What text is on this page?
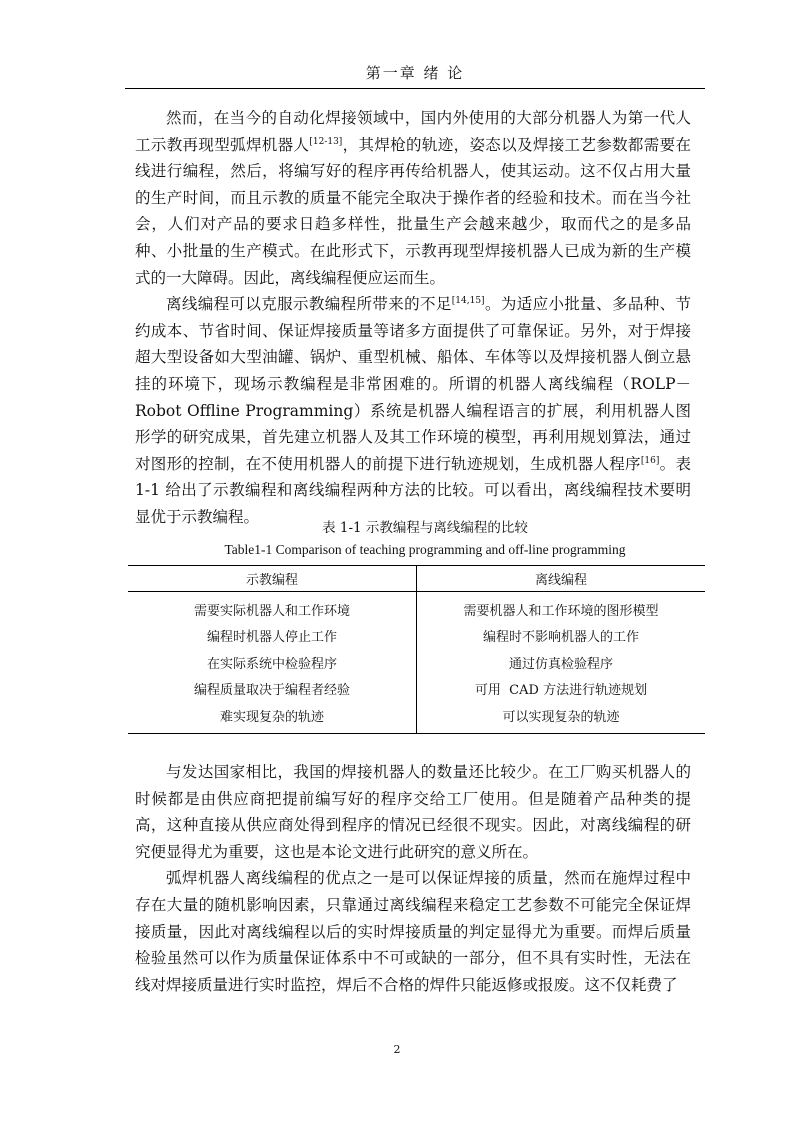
第一章 绪 论

然而，在当今的自动化焊接领域中，国内外使用的大部分机器人为第一代人工示教再现型弧焊机器人[12-13]，其焊枪的轨迹，姿态以及焊接工艺参数都需要在线进行编程，然后，将编写好的程序再传给机器人，使其运动。这不仅占用大量的生产时间，而且示教的质量不能完全取决于操作者的经验和技术。而在当今社会，人们对产品的要求日趋多样性，批量生产会越来越少，取而代之的是多品种、小批量的生产模式。在此形式下，示教再现型焊接机器人已成为新的生产模式的一大障碍。因此，离线编程便应运而生。

离线编程可以克服示教编程所带来的不足[14,15]。为适应小批量、多品种、节约成本、节省时间、保证焊接质量等诸多方面提供了可靠保证。另外，对于焊接超大型设备如大型油罐、锅炉、重型机械、船体、车体等以及焊接机器人倒立悬挂的环境下，现场示教编程是非常困难的。所谓的机器人离线编程（ROLP－Robot Offline Programming）系统是机器人编程语言的扩展，利用机器人图形学的研究成果，首先建立机器人及其工作环境的模型，再利用规划算法，通过对图形的控制，在不使用机器人的前提下进行轨迹规划，生成机器人程序[16]。表 1-1 给出了示教编程和离线编程两种方法的比较。可以看出，离线编程技术要明显优于示教编程。

表 1-1 示教编程与离线编程的比较
Table1-1 Comparison of teaching programming and off-line programming
示教编程	离线编程
需要实际机器人和工作环境	需要机器人和工作环境的图形模型
编程时机器人停止工作	编程时不影响机器人的工作
在实际系统中检验程序	通过仿真检验程序
编程质量取决于编程者经验	可用  CAD 方法进行轨迹规划
难实现复杂的轨迹	可以实现复杂的轨迹

与发达国家相比，我国的焊接机器人的数量还比较少。在工厂购买机器人的时候都是由供应商把提前编写好的程序交给工厂使用。但是随着产品种类的提高，这种直接从供应商处得到程序的情况已经很不现实。因此，对离线编程的研究便显得尤为重要，这也是本论文进行此研究的意义所在。

弧焊机器人离线编程的优点之一是可以保证焊接的质量，然而在施焊过程中存在大量的随机影响因素，只靠通过离线编程来稳定工艺参数不可能完全保证焊接质量，因此对离线编程以后的实时焊接质量的判定显得尤为重要。而焊后质量检验虽然可以作为质量保证体系中不可或缺的一部分，但不具有实时性，无法在线对焊接质量进行实时监控，焊后不合格的焊件只能返修或报废。这不仅耗费了

2
